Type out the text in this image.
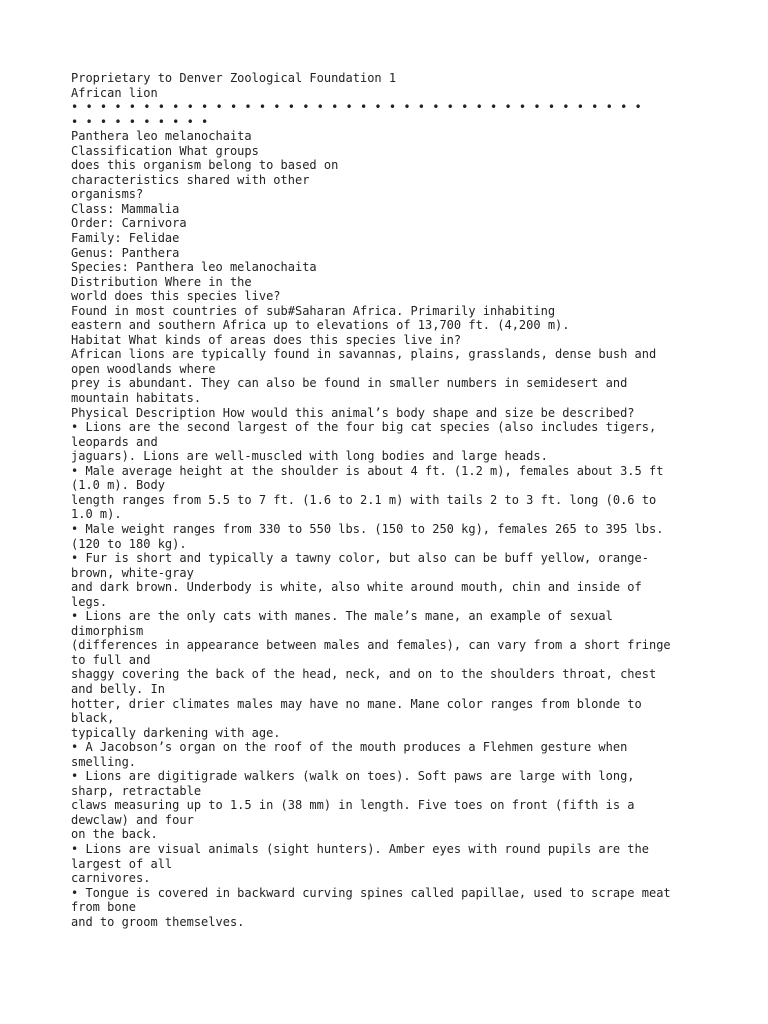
Proprietary to Denver Zoological Foundation 1
African lion
• • • • • • • • • • • • • • • • • • • • • • • • • • • • • • • • • • • • • • • •
• • • • • • • • • •
Panthera leo melanochaita
Classification What groups
does this organism belong to based on
characteristics shared with other
organisms?
Class: Mammalia
Order: Carnivora
Family: Felidae
Genus: Panthera
Species: Panthera leo melanochaita
Distribution Where in the
world does this species live?
Found in most countries of sub#Saharan Africa. Primarily inhabiting
eastern and southern Africa up to elevations of 13,700 ft. (4,200 m).
Habitat What kinds of areas does this species live in?
African lions are typically found in savannas, plains, grasslands, dense bush and
open woodlands where
prey is abundant. They can also be found in smaller numbers in semidesert and
mountain habitats.
Physical Description How would this animal’s body shape and size be described?
• Lions are the second largest of the four big cat species (also includes tigers,
leopards and
jaguars). Lions are well-muscled with long bodies and large heads.
• Male average height at the shoulder is about 4 ft. (1.2 m), females about 3.5 ft
(1.0 m). Body
length ranges from 5.5 to 7 ft. (1.6 to 2.1 m) with tails 2 to 3 ft. long (0.6 to
1.0 m).
• Male weight ranges from 330 to 550 lbs. (150 to 250 kg), females 265 to 395 lbs.
(120 to 180 kg).
• Fur is short and typically a tawny color, but also can be buff yellow, orange-
brown, white-gray
and dark brown. Underbody is white, also white around mouth, chin and inside of
legs.
• Lions are the only cats with manes. The male’s mane, an example of sexual
dimorphism
(differences in appearance between males and females), can vary from a short fringe
to full and
shaggy covering the back of the head, neck, and on to the shoulders throat, chest
and belly. In
hotter, drier climates males may have no mane. Mane color ranges from blonde to
black,
typically darkening with age.
• A Jacobson’s organ on the roof of the mouth produces a Flehmen gesture when
smelling.
• Lions are digitigrade walkers (walk on toes). Soft paws are large with long,
sharp, retractable
claws measuring up to 1.5 in (38 mm) in length. Five toes on front (fifth is a
dewclaw) and four
on the back.
• Lions are visual animals (sight hunters). Amber eyes with round pupils are the
largest of all
carnivores.
• Tongue is covered in backward curving spines called papillae, used to scrape meat
from bone
and to groom themselves.
